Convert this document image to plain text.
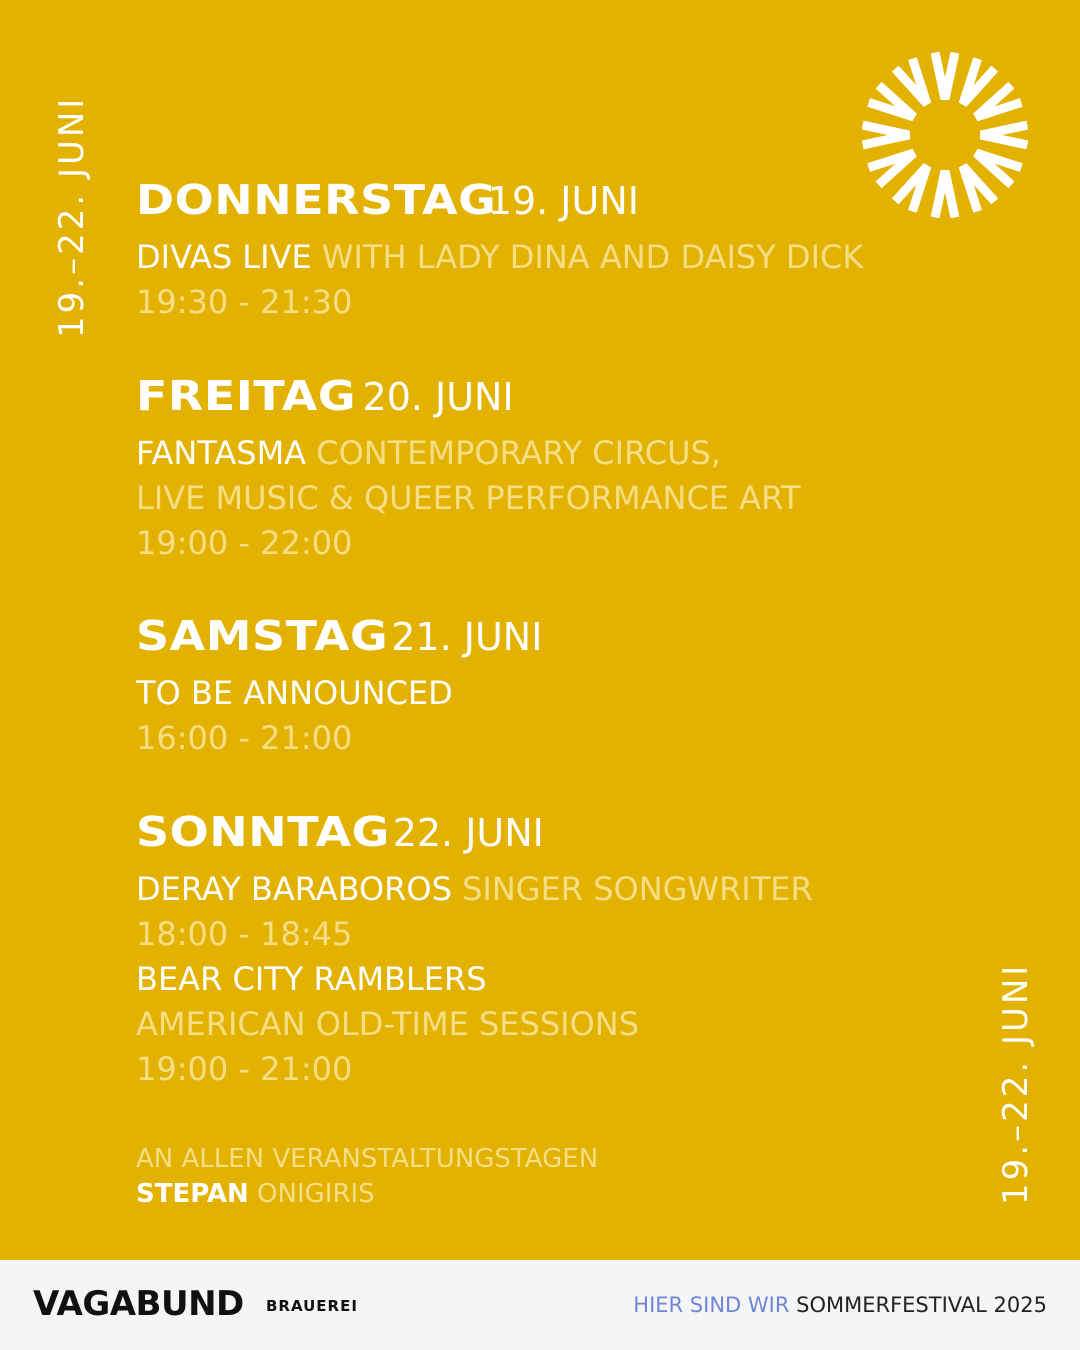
19.–22. JUNI
19.–22. JUNI
DONNERSTAG
19. JUNI
DIVAS LIVE WITH LADY DINA AND DAISY DICK
19:30 - 21:30
FREITAG 20. JUNI
FANTASMA CONTEMPORARY CIRCUS,
LIVE MUSIC & QUEER PERFORMANCE ART
19:00 - 22:00
SAMSTAG 21. JUNI
TO BE ANNOUNCED
16:00 - 21:00
SONNTAG 22. JUNI
DERAY BARABOROS SINGER SONGWRITER
18:00 - 18:45
BEAR CITY RAMBLERS
AMERICAN OLD-TIME SESSIONS
19:00 - 21:00
AN ALLEN VERANSTALTUNGSTAGEN
STEPAN ONIGIRIS
VAGABUND BRAUEREI	HIER SIND WIR SOMMERFESTIVAL 2025
